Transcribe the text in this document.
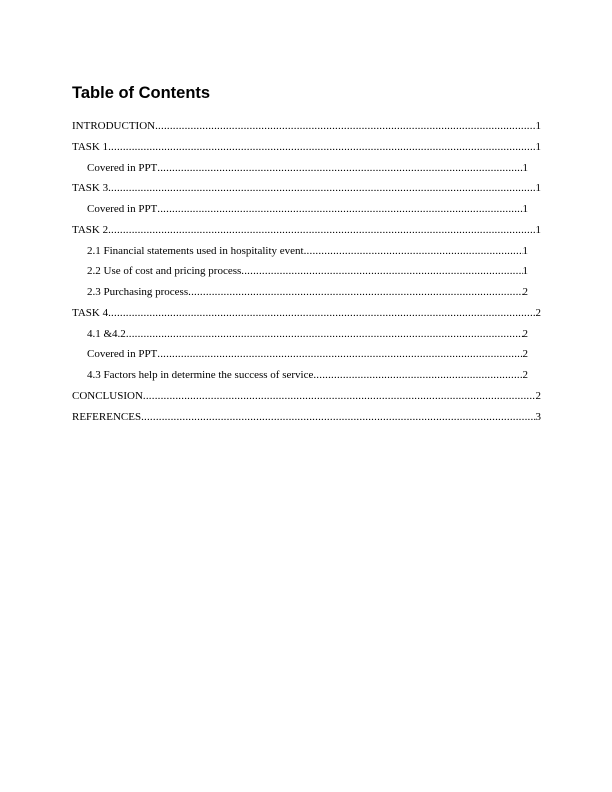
Table of Contents
INTRODUCTION .....	1
TASK 1 .....	1
Covered in PPT .....	1
TASK 3 .....	1
Covered in PPT .....	1
TASK 2 .....	1
2.1 Financial statements used in hospitality event .....	1
2.2 Use of cost and pricing process .....	1
2.3 Purchasing process .....	2
TASK 4 .....	2
4.1 &4.2 .....	2
Covered in PPT .....	2
4.3 Factors help in determine the success of service .....	2
CONCLUSION .....	2
REFERENCES .....	3
